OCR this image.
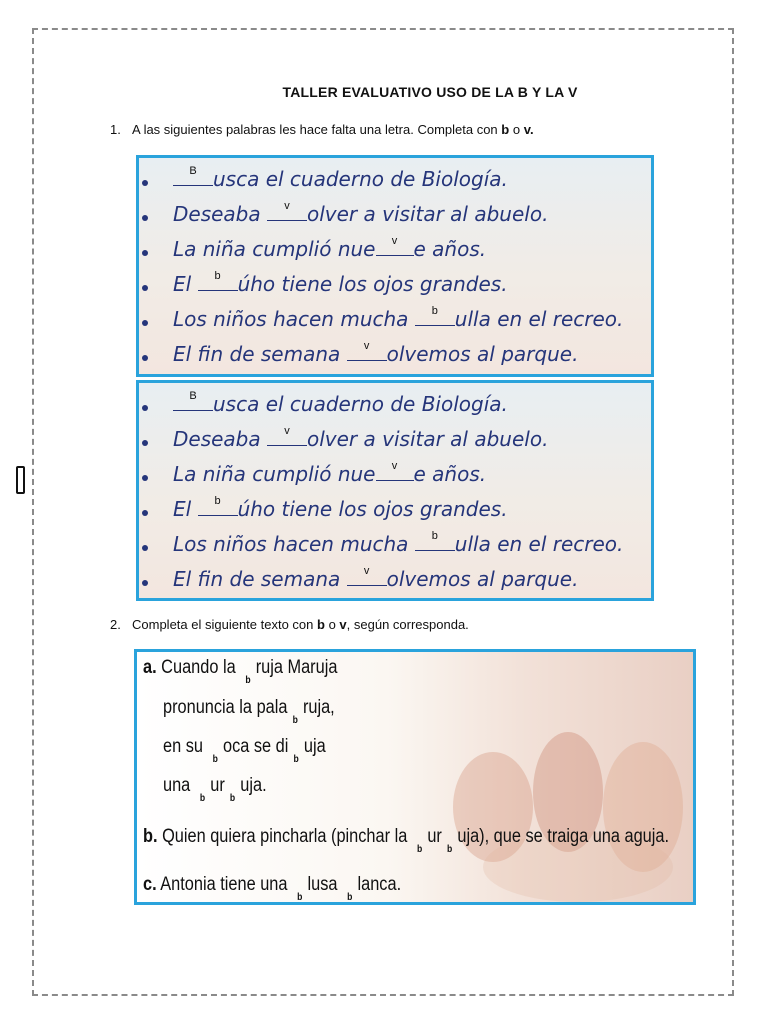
TALLER EVALUATIVO USO DE LA B Y LA V
1. A las siguientes palabras les hace falta una letra. Completa con b o v.
B usca el cuaderno de Biología.
Deseaba	v olver a visitar al abuelo.
La niña cumplió nue	v e años.
El	b úho tiene los ojos grandes.
Los niños hacen mucha	b ulla en el recreo.
El fin de semana	v olvemos al parque.
B usca el cuaderno de Biología.
Deseaba	v olver a visitar al abuelo.
La niña cumplió nue	v e años.
El	b úho tiene los ojos grandes.
Los niños hacen mucha	b ulla en el recreo.
El fin de semana	v olvemos al parque.
2. Completa el siguiente texto con b o v, según corresponda.
a. Cuando la
b
ruja Maruja
pronuncia la pala
b
ruja,
en su
b
oca se di
b
uja
una
b
ur
b
uja.
b. Quien quiera pincharla (pinchar la
b
ur
b
uja), que se traiga una aguja.
c. Antonia tiene una
b
lusa
b
lanca.
